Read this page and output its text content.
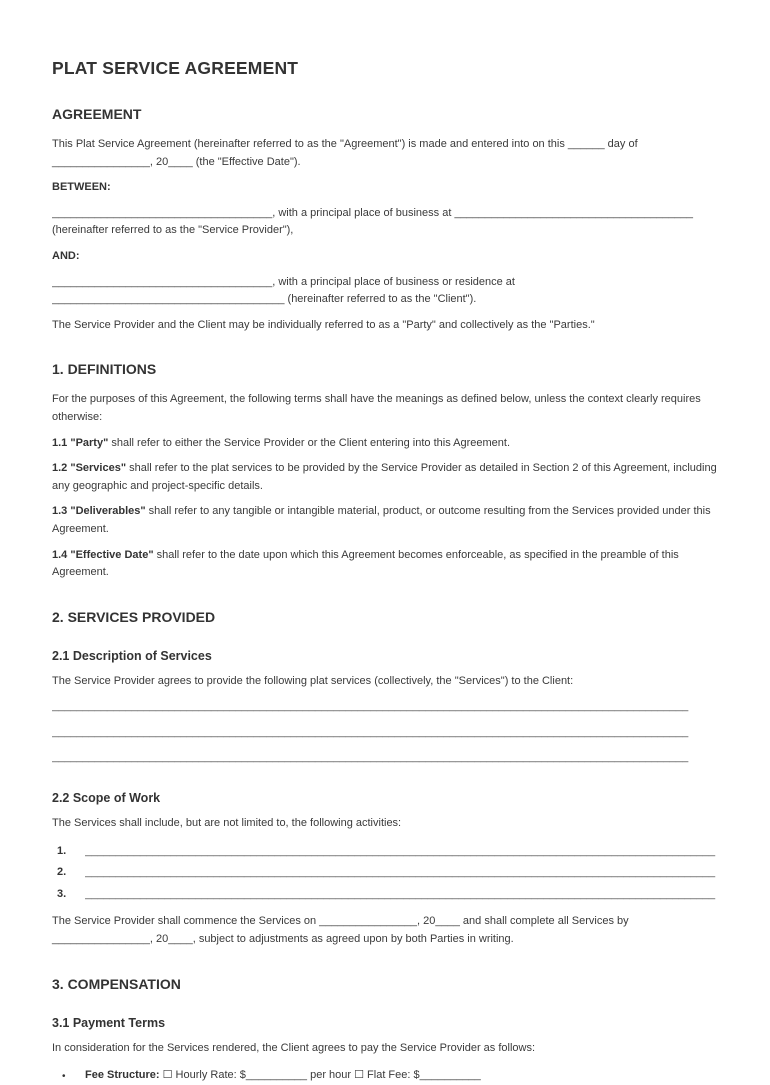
PLAT SERVICE AGREEMENT
AGREEMENT

This Plat Service Agreement (hereinafter referred to as the "Agreement") is made and entered into on this ______ day of ________________, 20____ (the "Effective Date").

BETWEEN:

____________________________________, with a principal place of business at _______________________________________
(hereinafter referred to as the "Service Provider"),

AND:

____________________________________, with a principal place of business or residence at
______________________________________ (hereinafter referred to as the "Client").

The Service Provider and the Client may be individually referred to as a "Party" and collectively as the "Parties."

1. DEFINITIONS

For the purposes of this Agreement, the following terms shall have the meanings as defined below, unless the context clearly requires otherwise:

1.1 "Party" shall refer to either the Service Provider or the Client entering into this Agreement.

1.2 "Services" shall refer to the plat services to be provided by the Service Provider as detailed in Section 2 of this Agreement, including any geographic and project-specific details.

1.3 "Deliverables" shall refer to any tangible or intangible material, product, or outcome resulting from the Services provided under this Agreement.

1.4 "Effective Date" shall refer to the date upon which this Agreement becomes enforceable, as specified in the preamble of this Agreement.

2. SERVICES PROVIDED
2.1 Description of Services

The Service Provider agrees to provide the following plat services (collectively, the "Services") to the Client:

________________________________________________________________________________________________________
________________________________________________________________________________________________________
________________________________________________________________________________________________________
2.2 Scope of Work

The Services shall include, but are not limited to, the following activities:

1.	_______________________________________________________________________________________________________
2.	_______________________________________________________________________________________________________
3.	_______________________________________________________________________________________________________

The Service Provider shall commence the Services on ________________, 20____ and shall complete all Services by ________________, 20____, subject to adjustments as agreed upon by both Parties in writing.

3. COMPENSATION
3.1 Payment Terms

In consideration for the Services rendered, the Client agrees to pay the Service Provider as follows:

• Fee Structure: ☐ Hourly Rate: $__________ per hour ☐ Flat Fee: $__________
